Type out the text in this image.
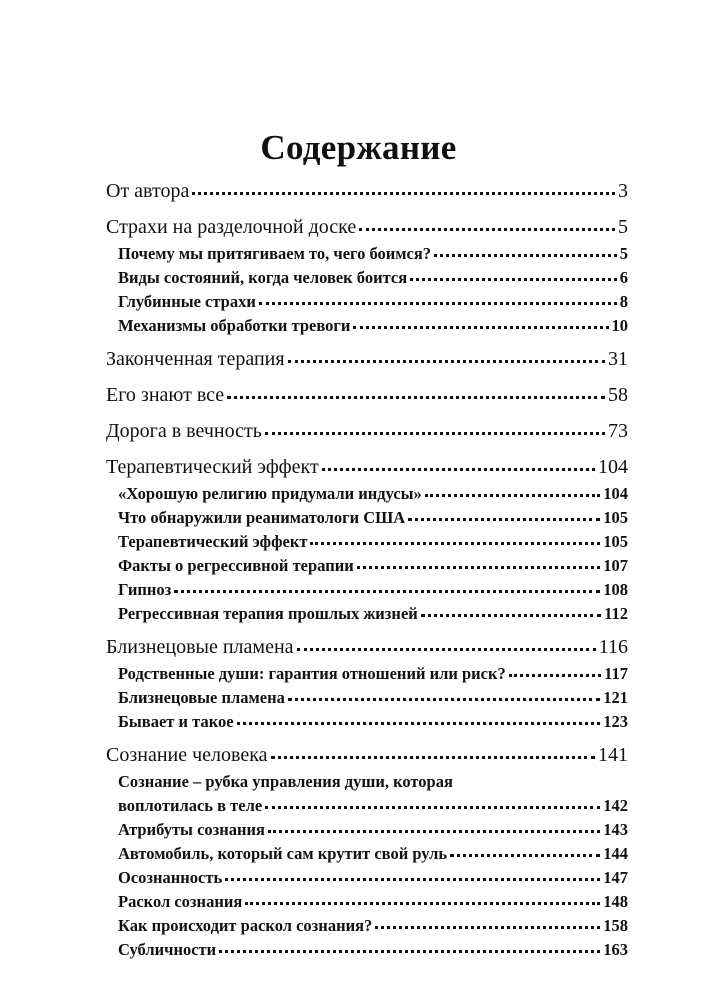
Содержание
От автора	3
Страхи на разделочной доске	5
Почему мы притягиваем то, чего боимся?	5
Виды состояний, когда человек боится	6
Глубинные страхи	8
Механизмы обработки тревоги	10
Законченная терапия	31
Его знают все	58
Дорога в вечность	73
Терапевтический эффект	104
«Хорошую религию придумали индусы»	104
Что обнаружили реаниматологи США	105
Терапевтический эффект	105
Факты о регрессивной терапии	107
Гипноз	108
Регрессивная терапия прошлых жизней	112
Близнецовые пламена	116
Родственные души: гарантия отношений или риск?	117
Близнецовые пламена	121
Бывает и такое	123
Сознание человека	141
Сознание – рубка управления души, которая
воплотилась в теле	142
Атрибуты сознания	143
Автомобиль, который сам крутит свой руль	144
Осознанность	147
Раскол сознания	148
Как происходит раскол сознания?	158
Субличности	163
